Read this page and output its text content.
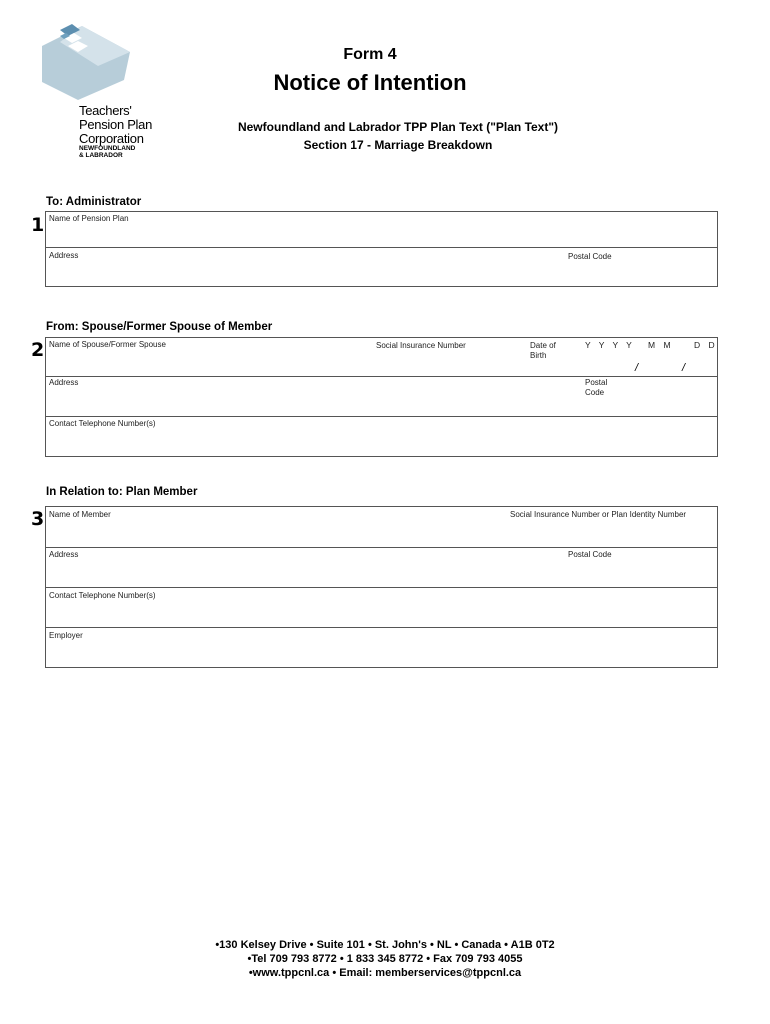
Teachers'
Pension Plan
Corporation
NEWFOUNDLAND
& LABRADOR
Form 4
Notice of Intention
Newfoundland and Labrador TPP Plan Text ("Plan Text")
Section 17 - Marriage Breakdown
To: Administrator
1 Name of Pension Plan
Address	Postal Code
From: Spouse/Former Spouse of Member
2 Name of Spouse/Former Spouse	Social Insurance Number	Date of
Birth
Y Y Y Y M M D D
/	/
Address	Postal
Code
Contact Telephone Number(s)
In Relation to: Plan Member
3 Name of Member	Social Insurance Number or Plan Identity Number
Address	Postal Code
Contact Telephone Number(s)
Employer
•130 Kelsey Drive • Suite 101 • St. John's • NL • Canada • A1B 0T2
•Tel 709 793 8772 • 1 833 345 8772 • Fax 709 793 4055
•www.tppcnl.ca • Email: memberservices@tppcnl.ca
